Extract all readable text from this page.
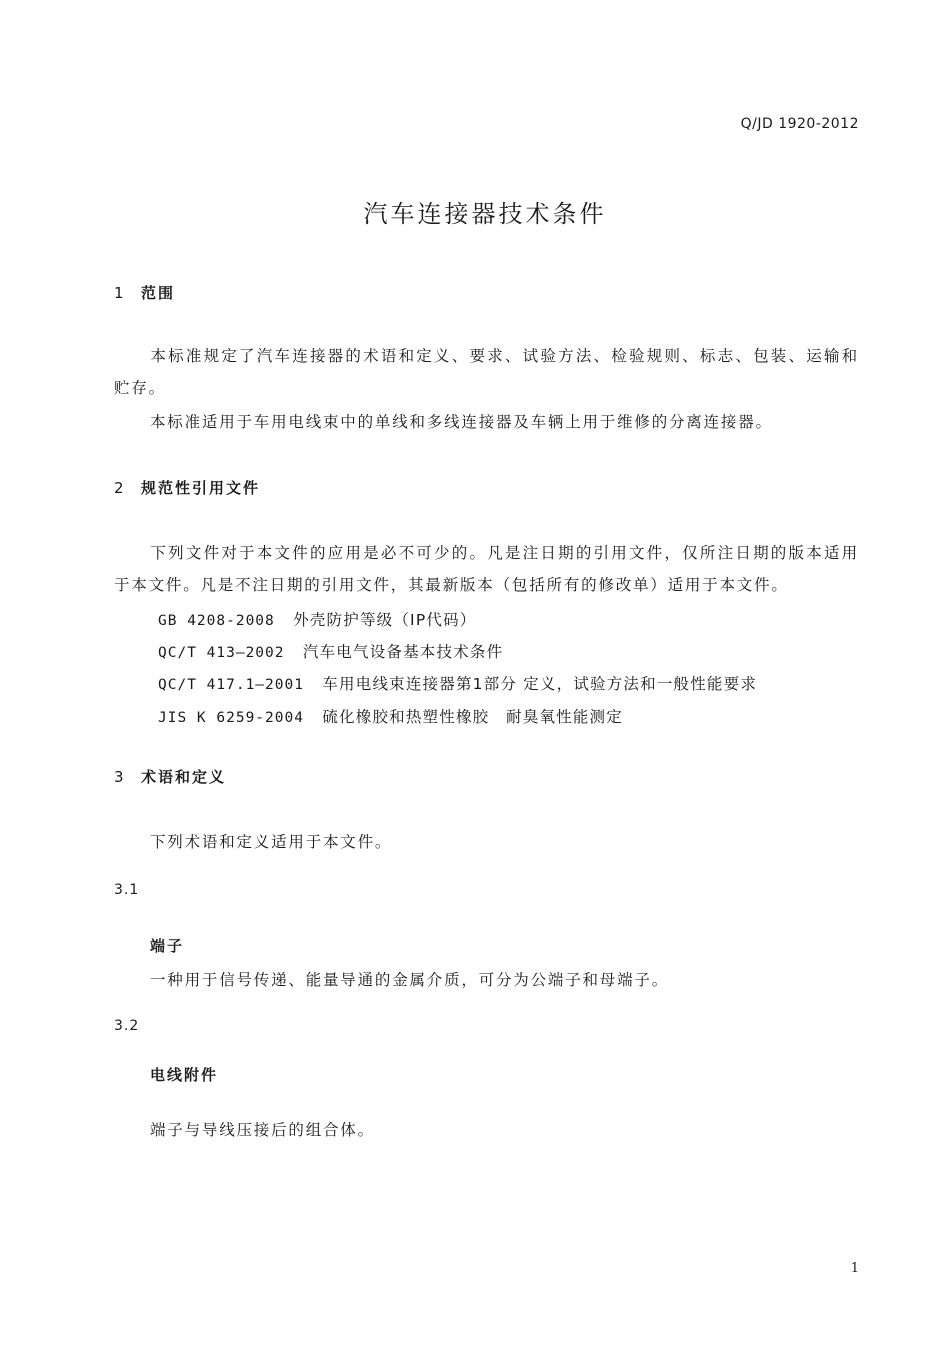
Q/JD 1920-2012
汽车连接器技术条件
1 范围
本标准规定了汽车连接器的术语和定义、要求、试验方法、检验规则、标志、包装、运输和贮存。
本标准适用于车用电线束中的单线和多线连接器及车辆上用于维修的分离连接器。
2 规范性引用文件
下列文件对于本文件的应用是必不可少的。凡是注日期的引用文件，仅所注日期的版本适用于本文件。凡是不注日期的引用文件，其最新版本（包括所有的修改单）适用于本文件。
GB 4208-2008 外壳防护等级（IP代码）
QC/T 413—2002 汽车电气设备基本技术条件
QC/T 417.1—2001 车用电线束连接器第1部分 定义，试验方法和一般性能要求
JIS K 6259-2004 硫化橡胶和热塑性橡胶　耐臭氧性能测定
3 术语和定义
下列术语和定义适用于本文件。
3.1
端子
一种用于信号传递、能量导通的金属介质，可分为公端子和母端子。
3.2
电线附件
端子与导线压接后的组合体。
1
